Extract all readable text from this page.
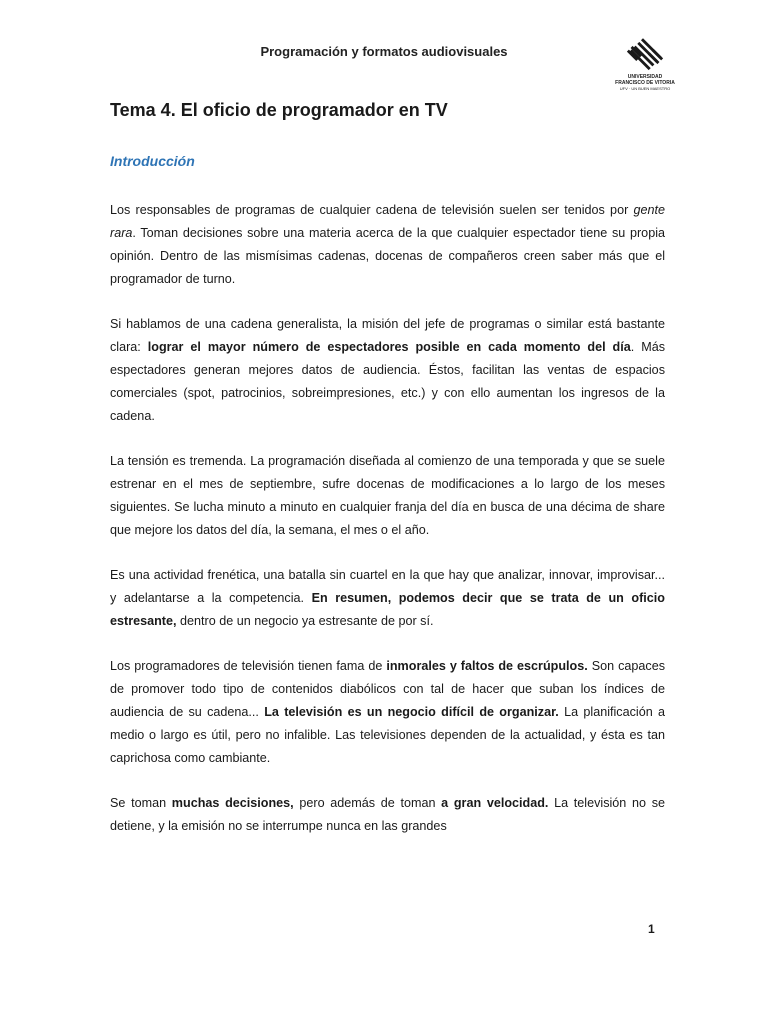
Programación y formatos audiovisuales
UNIVERSIDAD
FRANCISCO DE VITORIA
UFV · UN BUEN MAESTRO
Tema 4. El oficio de programador en TV
Introducción

Los responsables de programas de cualquier cadena de televisión suelen ser tenidos por gente rara. Toman decisiones sobre una materia acerca de la que cualquier espectador tiene su propia opinión. Dentro de las mismísimas cadenas, docenas de compañeros creen saber más que el programador de turno.

Si hablamos de una cadena generalista, la misión del jefe de programas o similar está bastante clara: lograr el mayor número de espectadores posible en cada momento del día. Más espectadores generan mejores datos de audiencia. Éstos, facilitan las ventas de espacios comerciales (spot, patrocinios, sobreimpresiones, etc.) y con ello aumentan los ingresos de la cadena.

La tensión es tremenda. La programación diseñada al comienzo de una temporada y que se suele estrenar en el mes de septiembre, sufre docenas de modificaciones a lo largo de los meses siguientes. Se lucha minuto a minuto en cualquier franja del día en busca de una décima de share que mejore los datos del día, la semana, el mes o el año.

Es una actividad frenética, una batalla sin cuartel en la que hay que analizar, innovar, improvisar... y adelantarse a la competencia. En resumen, podemos decir que se trata de un oficio estresante, dentro de un negocio ya estresante de por sí.

Los programadores de televisión tienen fama de inmorales y faltos de escrúpulos. Son capaces de promover todo tipo de contenidos diabólicos con tal de hacer que suban los índices de audiencia de su cadena... La televisión es un negocio difícil de organizar. La planificación a medio o largo es útil, pero no infalible. Las televisiones dependen de la actualidad, y ésta es tan caprichosa como cambiante.

Se toman muchas decisiones, pero además de toman a gran velocidad. La televisión no se detiene, y la emisión no se interrumpe nunca en las grandes

1
